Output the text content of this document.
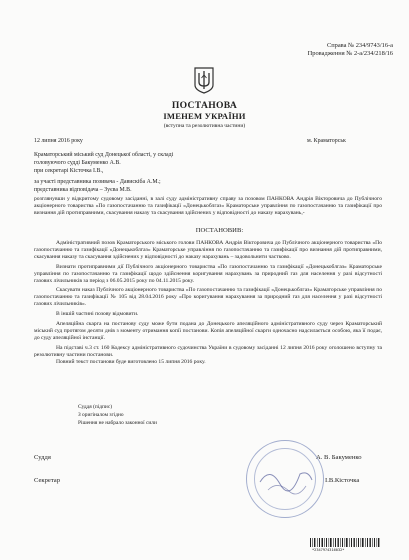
Справа № 234/9743/16-а
Провадження № 2-а/234/218/16
ПОСТАНОВА
ІМЕНЕМ УКРАЇНИ
(вступна та резолютивна частини)
12 липня 2016 року	м. Краматорськ
Краматорський міський суд Донецької області, у складі
головуючого судді Бакуменко А.В.
при секретарі Кісточка І.В.,
за участі представника позивача - Давискіба А.М.;
представника відповідача – Зуєва М.В.

розглянувши у відкритому судовому засіданні, в залі суду адміністративну справу за позовом ПАНКОВА Андрія Вікторовича до Публічного акціонерного товариства «По газопостачанню та газифікації «Донецькоблгаз» Краматорське управління по газопостачанню та газифікації про визнання дій протиправними, скасування наказу та скасування здійснених у відповідності до наказу нарахувань,-

ПОСТАНОВИВ:

Адміністративний позов Краматорського міського голови ПАНКОВА Андрія Вікторовича до Публічного акціонерного товариства «По газопостачанню та газифікації «Донецькоблгаз» Краматорське управління по газопостачанню та газифікації про визнання дій протиправними, скасування наказу та скасування здійснених у відповідності до наказу нарахувань – задовольнити частково.

Визнати протиправними дії Публічного акціонерного товариства «По газопостачанню та газифікації «Донецькоблгаз» Краматорське управління по газопостачанню та газифікації щодо здійснення коригування нарахувань за природний газ для населення у разі відсутності газових лічильників за період з 06.05.2015 року по 04.11.2015 року.

Скасувати наказ Публічного акціонерного товариства «По газопостачанню та газифікації «Донецькоблгаз» Краматорське управління по газопостачанню та газифікації № 105 від 28.04.2016 року «Про коригування нарахування за природний газ для населення у разі відсутності газових лічильників».

В іншій частині позову відмовити.

Апеляційна скарга на постанову суду може бути подана до Донецького апеляційного адміністративного суду через Краматорський міський суд протягом десяти днів з моменту отримання копії постанови. Копія апеляційної скарги одночасно надсилається особою, яка її подає, до суду апеляційної інстанції.

На підставі ч.3 ст. 160 Кодексу адміністративного судочинства України в судовому засіданні 12 липня 2016 року оголошено вступну та резолютивну частини постанови.

Повний текст постанови буде виготовлено 15 липня 2016 року.

Суддя (підпис)
З оригіналом згідно
Рішення не набрало законної сили
Суддя	А. В. Бакуменко
Секретар	І.В.Кісточка
*2347974316032*
